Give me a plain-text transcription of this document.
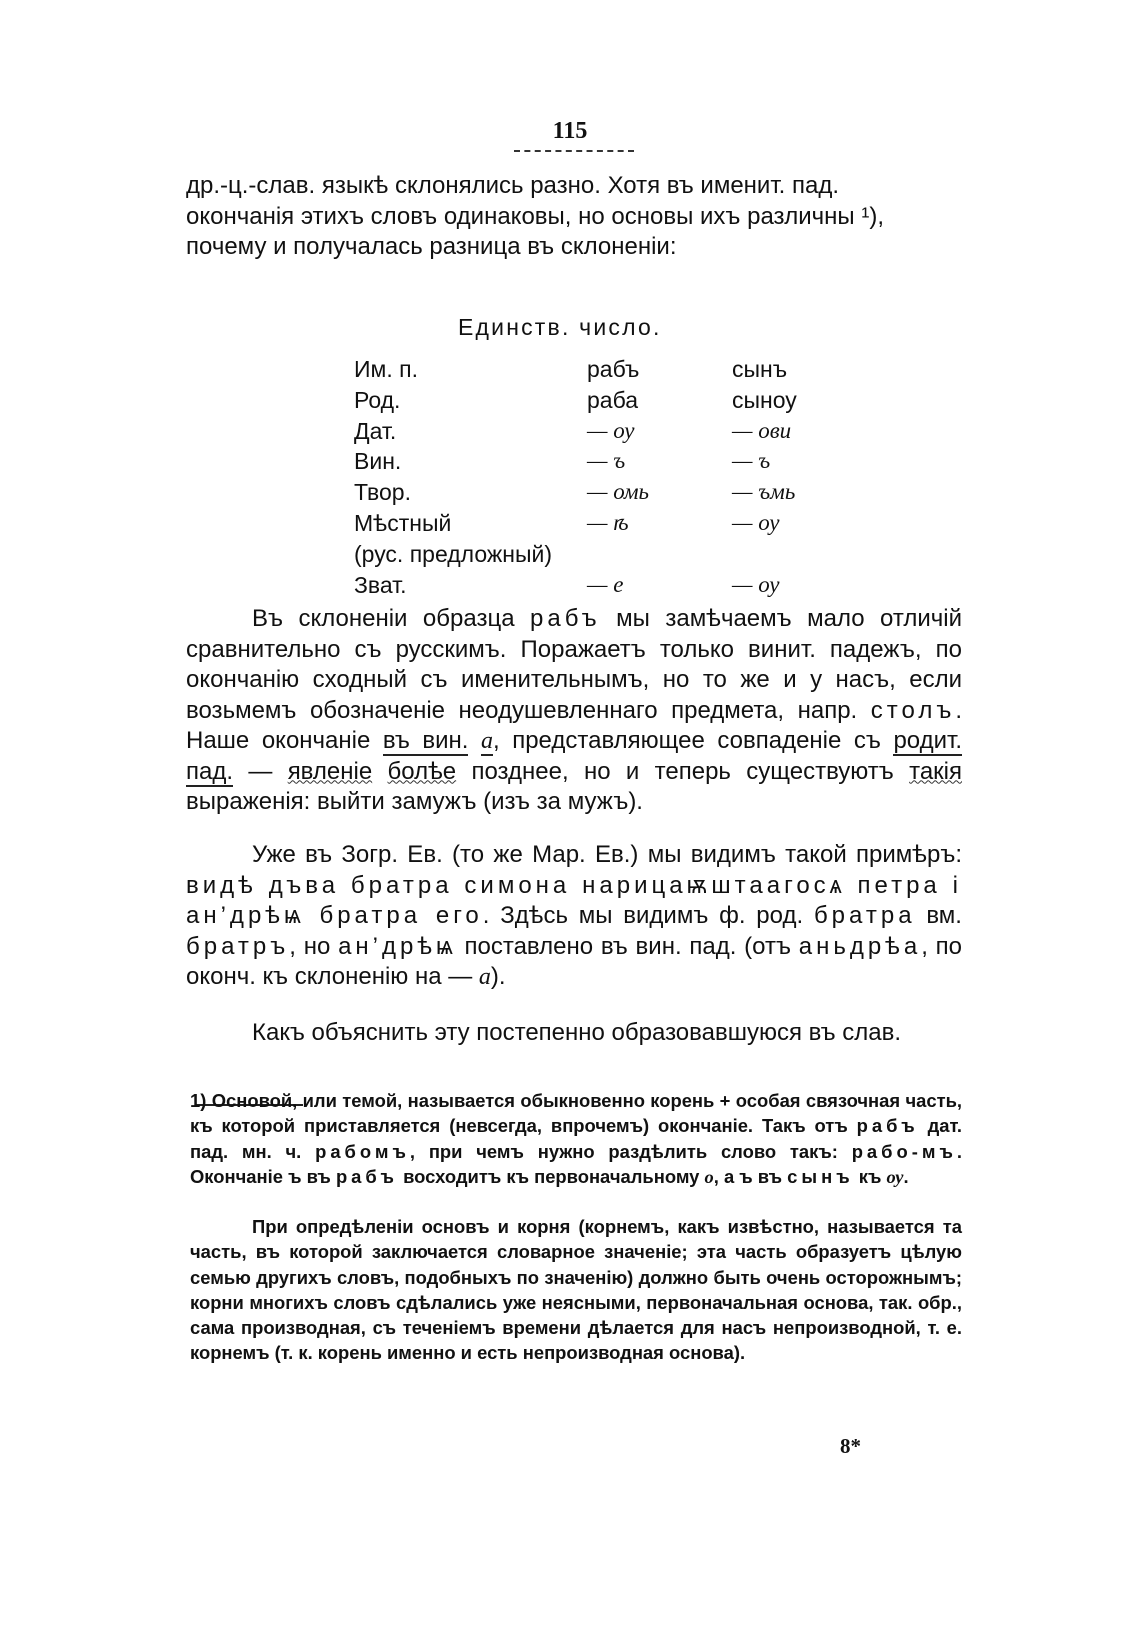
115

др.-ц.-слав. языкѣ склонялись разно. Хотя въ именит. пад.
окончанія этихъ словъ одинаковы, но основы ихъ различны ¹),
почему и получалась разница въ склоненіи:

Единств. число.
Им. п.	рабъ	сынъ
Род.	раба	сыноу
Дат.	— оу	— ови
Вин.	— ъ	— ъ
Твор.	— омь	— ъмь
Мѣстный	— ѣ	— оу
(рус. предложный)
Зват.	— е	— оу

Въ склоненіи образца рабъ мы замѣчаемъ мало отличій сравнительно съ русскимъ. Поражаетъ только винит. падежъ, по окончанію сходный съ именительнымъ, но то же и у насъ, если возьмемъ обозначеніе неодушевленнаго предмета, напр. столъ. Наше окончаніе въ вин. а, представляющее совпаденіе съ родит. пад. — явленіе болѣе позднее, но и теперь существуютъ такія выраженія: выйти замужъ (изъ за мужъ).

Уже въ Зогр. Ев. (то же Мар. Ев.) мы видимъ такой примѣръ: видѣ дъва братра симона нарицаѭштаагосѧ петра і ан’дрѣѩ братра его. Здѣсь мы видимъ ф. род. братра вм. братръ, но ан’дрѣѩ поставлено въ вин. пад. (отъ аньдрѣа, по оконч. къ склоненію на — а).

Какъ объяснить эту постепенно образовавшуюся въ слав.

1) Основой, или темой, называется обыкновенно корень + особая связочная часть, къ которой приставляется (невсегда, впрочемъ) окончаніе. Такъ отъ рабъ дат. пад. мн. ч. рабомъ, при чемъ нужно раздѣлить слово такъ: рабо-мъ. Окончаніе ъ въ рабъ восходитъ къ первоначальному о, а ъ въ сынъ къ оу.

При опредѣленіи основъ и корня (корнемъ, какъ извѣстно, называется та часть, въ которой заключается словарное значеніе; эта часть образуетъ цѣлую семью другихъ словъ, подобныхъ по значенію) должно быть очень осторожнымъ; корни многихъ словъ сдѣлались уже неясными, первоначальная основа, так. обр., сама производная, съ теченіемъ времени дѣлается для насъ непроизводной, т. е. корнемъ (т. к. корень именно и есть непроизводная основа).

8*
